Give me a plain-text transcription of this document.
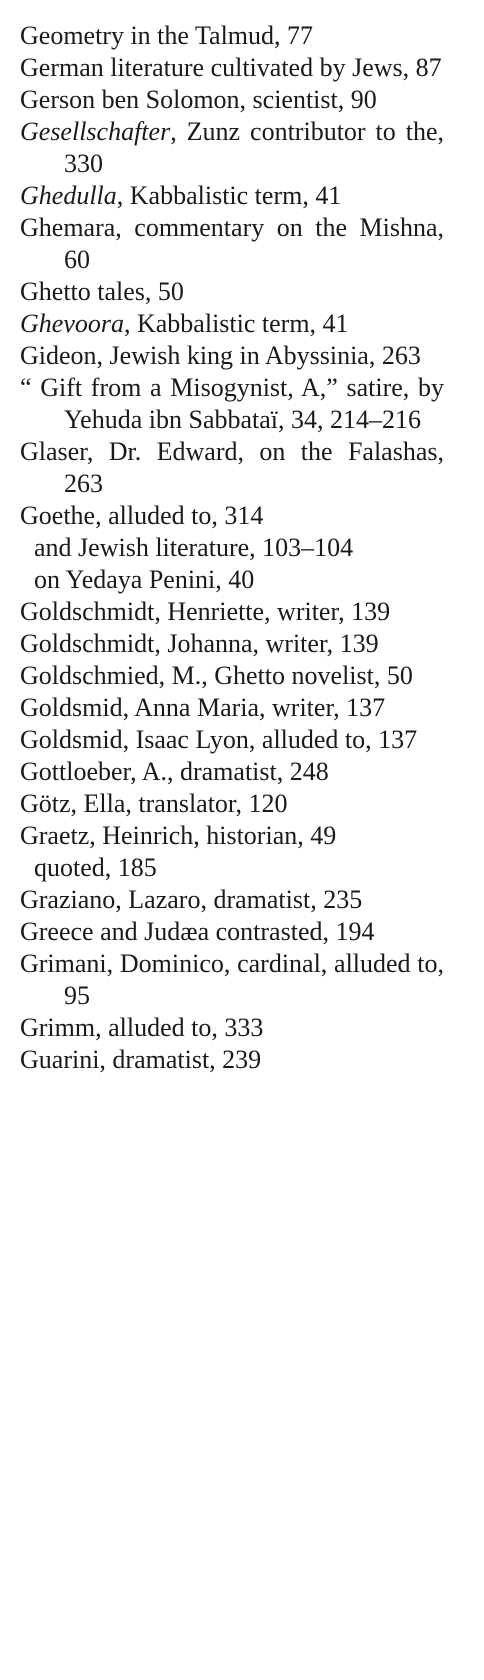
Geometry in the Talmud, 77

German literature cultivated by Jews, 87

Gerson ben Solomon, scientist, 90

Gesellschafter, Zunz contributor to the, 330

Ghedulla, Kabbalistic term, 41

Ghemara, commentary on the Mishna, 60

Ghetto tales, 50

Ghevoora, Kabbalistic term, 41

Gideon, Jewish king in Abyssinia, 263

“ Gift from a Misogynist, A,” satire, by Yehuda ibn Sabbataï, 34, 214–216

Glaser, Dr. Edward, on the Falashas, 263

Goethe, alluded to, 314

and Jewish literature, 103–104

on Yedaya Penini, 40

Goldschmidt, Henriette, writer, 139

Goldschmidt, Johanna, writer, 139

Goldschmied, M., Ghetto novelist, 50

Goldsmid, Anna Maria, writer, 137

Goldsmid, Isaac Lyon, alluded to, 137

Gottloeber, A., dramatist, 248

Götz, Ella, translator, 120

Graetz, Heinrich, historian, 49

quoted, 185

Graziano, Lazaro, dramatist, 235

Greece and Judæa contrasted, 194

Grimani, Dominico, cardinal, alluded to, 95

Grimm, alluded to, 333

Guarini, dramatist, 239
